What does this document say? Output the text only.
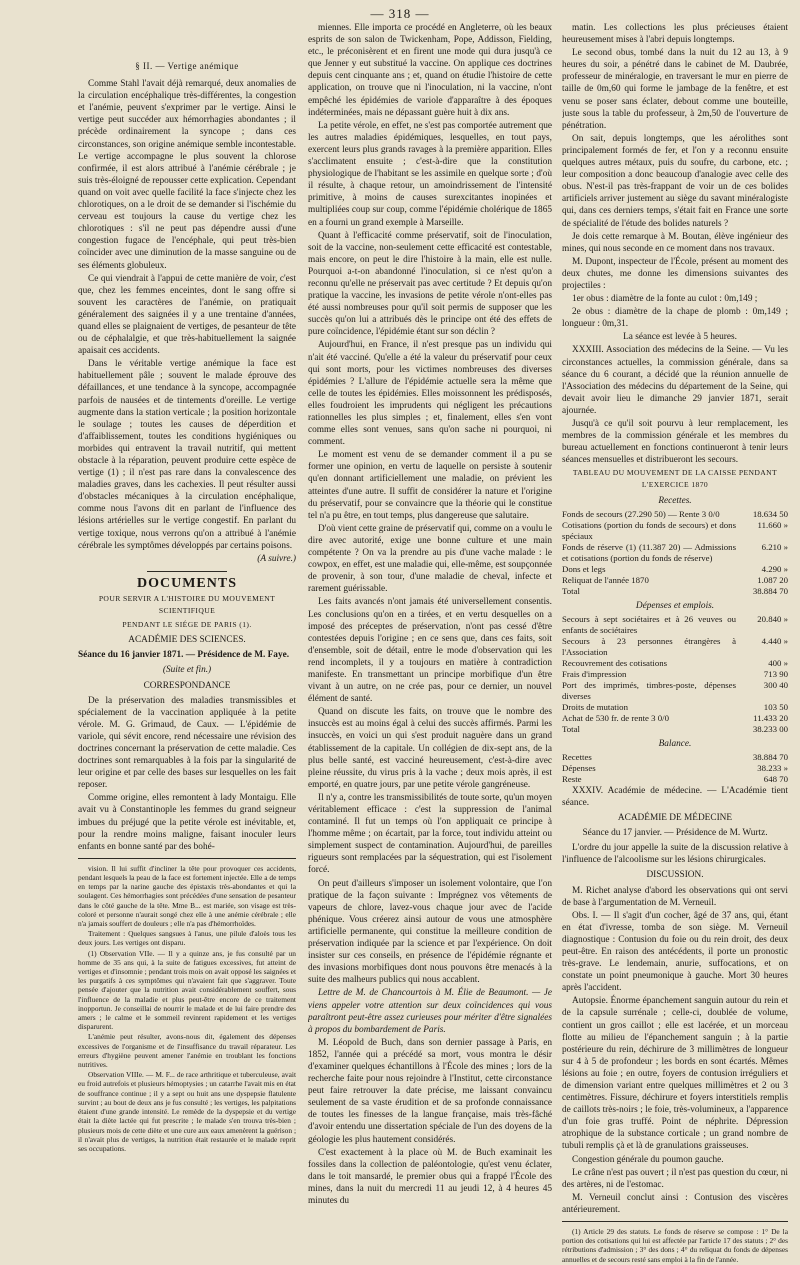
— 318 —
§ II. — Vertige anémique

Comme Stahl l'avait déjà remarqué, deux anomalies de la circulation encéphalique très-différentes, la congestion et l'anémie, peuvent s'exprimer par le vertige. Ainsi le vertige peut succéder aux hémorrhagies abondantes ; il précède ordinairement la syncope ; dans ces circonstances, son origine anémique semble incontestable. Le vertige accompagne le plus souvent la chlorose confirmée, il est alors attribué à l'anémie cérébrale ; je suis très-éloigné de repousser cette explication. Cependant quand on voit avec quelle facilité la face s'injecte chez les chlorotiques, on a le droit de se demander si l'ischémie du cerveau est toujours la cause du vertige chez les chlorotiques : s'il ne peut pas dépendre aussi d'une congestion fugace de l'encéphale, qui peut très-bien coïncider avec une diminution de la masse sanguine ou de ses éléments globuleux.

Ce qui viendrait à l'appui de cette manière de voir, c'est que, chez les femmes enceintes, dont le sang offre si souvent les caractères de l'anémie, on pratiquait généralement des saignées il y a une trentaine d'années, quand elles se plaignaient de vertiges, de pesanteur de tête ou de céphalalgie, et que très-habituellement la saignée apaisait ces accidents.

Dans le véritable vertige anémique la face est habituellement pâle ; souvent le malade éprouve des défaillances, et une tendance à la syncope, accompagnée parfois de nausées et de tintements d'oreille. Le vertige augmente dans la station verticale ; la position horizontale le soulage ; toutes les causes de déperdition et d'affaiblissement, toutes les conditions hygiéniques ou morbides qui entravent la travail nutritif, qui mettent obstacle à la réparation, peuvent produire cette espèce de vertige (1) ; il n'est pas rare dans la convalescence des maladies graves, dans les cachexies. Il peut résulter aussi d'obstacles mécaniques à la circulation encéphalique, comme nous l'avons dit en parlant de l'influence des lésions artérielles sur le vertige congestif. En parlant du vertige toxique, nous verrons qu'on a attribué à l'anémie cérébrale les symptômes développés par certains poisons.

(A suivre.)
DOCUMENTS
POUR SERVIR A L'HISTOIRE DU MOUVEMENT SCIENTIFIQUE
PENDANT LE SIÉGE DE PARIS (1).
ACADÉMIE DES SCIENCES.
Séance du 16 janvier 1871. — Présidence de M. Faye.
(Suite et fin.)
CORRESPONDANCE

De la préservation des maladies transmissibles et spécialement de la vaccination appliquée à la petite vérole. M. G. Grimaud, de Caux. — L'épidémie de variole, qui sévit encore, rend nécessaire une révision des doctrines concernant la préservation de cette maladie. Ces doctrines sont remarquables à la fois par la singularité de leur origine et par celle des bases sur lesquelles on les fait reposer.

Comme origine, elles remontent à lady Montaigu. Elle avait vu à Constantinople les femmes du grand seigneur imbues du préjugé que la petite vérole est inévitable, et, pour la rendre moins maligne, faisant inoculer leurs enfants en bonne santé par des bohé-

vision. Il lui suffit d'incliner la tête pour provoquer ces accidents, pendant lesquels la peau de la face est fortement injectée. Elle a de temps en temps par la narine gauche des épistaxis très-abondantes et qui la soulagent. Ces hémorrhagies sont précédées d'une sensation de pesanteur dans le côté gauche de la tête. Mme B... est mariée, son visage est très-coloré et personne n'aurait songé chez elle à une anémie cérébrale ; elle n'a jamais souffert de douleurs ; elle n'a pas d'hémorrhoïdes.

Traitement : Quelques sangsues à l'anus, une pilule d'aloès tous les deux jours. Les vertiges ont disparu.

(1) Observation VIIe. — Il y a quinze ans, je fus consulté par un homme de 35 ans qui, à la suite de fatigues excessives, fut atteint de vertiges et d'insomnie ; pendant trois mois on avait opposé les saignées et les purgatifs à ces symptômes qui n'avaient fait que s'aggraver. Toute pensée d'ajouter que la nutrition avait considérablement souffert, sous l'influence de la maladie et plus peut-être encore de ce traitement inopportun. Je conseillai de nourrir le malade et de lui faire prendre des amers ; le calme et le sommeil revinrent rapidement et les vertiges disparurent.

L'anémie peut résulter, avons-nous dit, également des dépenses excessives de l'organisme et de l'insuffisance du travail réparateur. Les erreurs d'hygiène peuvent amener l'anémie en troublant les fonctions nutritives.

Observation VIIIe. — M. F... de race arthritique et tuberculeuse, avait eu froid autrefois et plusieurs hémoptysies ; un catarrhe l'avait mis en état de souffrance continue ; il y a sept ou huit ans une dyspepsie flatulente survint ; au bout de deux ans je fus consulté ; les vertiges, les palpitations étaient d'une grande intensité. Le remède de la dyspepsie et du vertige était la diète lactée qui fut prescrite ; le malade s'en trouva très-bien ; plusieurs mois de cette diète et une cure aux eaux amenèrent la guérison ; il n'avait plus de vertiges, la nutrition était restaurée et le malade reprit ses occupations.

miennes. Elle importa ce procédé en Angleterre, où les beaux esprits de son salon de Twickenham, Pope, Addisson, Fielding, etc., le préconisèrent et en firent une mode qui dura jusqu'à ce que Jenner y eut substitué la vaccine. On applique ces doctrines depuis cent cinquante ans ; et, quand on étudie l'histoire de cette application, on trouve que ni l'inoculation, ni la vaccine, n'ont empêché les épidémies de variole d'apparaître à des époques indéterminées, mais ne dépassant guère huit à dix ans.

La petite vérole, en effet, ne s'est pas comportée autrement que les autres maladies épidémiques, lesquelles, en tout pays, exercent leurs plus grands ravages à la première apparition. Elles s'acclimatent ensuite ; c'est-à-dire que la constitution physiologique de l'habitant se les assimile en quelque sorte ; d'où il résulte, à chaque retour, un amoindrissement de l'intensité primitive, à moins de causes surexcitantes inopinées et multipliées coup sur coup, comme l'épidémie cholérique de 1865 en a fourni un grand exemple à Marseille.

Quant à l'efficacité comme préservatif, soit de l'inoculation, soit de la vaccine, non-seulement cette efficacité est contestable, mais encore, on peut le dire l'histoire à la main, elle est nulle. Pourquoi a-t-on abandonné l'inoculation, si ce n'est qu'on a reconnu qu'elle ne préservait pas avec certitude ? Et depuis qu'on pratique la vaccine, les invasions de petite vérole n'ont-elles pas été aussi nombreuses pour qu'il soit permis de supposer que les succès qu'on lui a attribués dès le principe ont été des effets de pure coïncidence, l'épidémie étant sur son déclin ?

Aujourd'hui, en France, il n'est presque pas un individu qui n'ait été vacciné. Qu'elle a été la valeur du préservatif pour ceux qui sont morts, pour les victimes nombreuses des diverses épidémies ? L'allure de l'épidémie actuelle sera la même que celle de toutes les épidémies. Elles moissonnent les prédisposés, elles foudroient les imprudents qui négligent les précautions rationnelles les plus simples ; et, finalement, elles s'en vont comme elles sont venues, sans qu'on sache ni pourquoi, ni comment.

Le moment est venu de se demander comment il a pu se former une opinion, en vertu de laquelle on persiste à soutenir qu'en donnant artificiellement une maladie, on prévient les atteintes d'une autre. Il suffit de considérer la nature et l'origine du préservatif, pour se convaincre que la théorie qui le constitue tel n'a pu être, en tout temps, plus dangereuse que salutaire.

D'où vient cette graine de préservatif qui, comme on a voulu le dire avec autorité, exige une bonne culture et une main compétente ? On va la prendre au pis d'une vache malade : le cowpox, en effet, est une maladie qui, elle-même, est soupçonnée de provenir, à son tour, d'une maladie de cheval, infecte et rarement guérissable.

Les faits avancés n'ont jamais été universellement consentis. Les conclusions qu'on en a tirées, et en vertu desquelles on a imposé des préceptes de préservation, n'ont pas cessé d'être contestées depuis l'origine ; en ce sens que, dans ces faits, soit d'ensemble, soit de détail, entre le mode d'observation qui les rend incomplets, il y a toujours en matière à contradiction manifeste. En transmettant un principe morbifique d'un être vivant à un autre, on ne crée pas, pour ce dernier, un nouvel élément de santé.

Quand on discute les faits, on trouve que le nombre des insuccès est au moins égal à celui des succès affirmés. Parmi les insuccès, en voici un qui s'est produit naguère dans un grand établissement de la capitale. Un collégien de dix-sept ans, de la plus belle santé, est vacciné heureusement, c'est-à-dire avec pleine réussite, du virus pris à la vache ; deux mois après, il est emporté, en quatre jours, par une petite vérole gangréneuse.

Il n'y a, contre les transmissibilités de toute sorte, qu'un moyen véritablement efficace : c'est la suppression de l'animal contaminé. Il fut un temps où l'on appliquait ce principe à l'homme même ; on écartait, par la force, tout individu atteint ou simplement suspect de contamination. Aujourd'hui, de pareilles rigueurs sont remplacées par la séquestration, qui est l'isolement forcé.

On peut d'ailleurs s'imposer un isolement volontaire, que l'on pratique de la façon suivante : Imprégnez vos vêtements de vapeurs de chlore, lavez-vous chaque jour avec de l'acide phénique. Vous créerez ainsi autour de vous une atmosphère artificielle permanente, qui constitue la meilleure condition de préservation indiquée par la science et par l'expérience. On doit insister sur ces conseils, en présence de l'épidémie régnante et des invasions morbifiques dont nous pouvons être menacés à la suite des malheurs publics qui nous accablent.

Lettre de M. de Chancourtois à M. Élie de Beaumont. — Je viens appeler votre attention sur deux coïncidences qui vous paraîtront peut-être assez curieuses pour mériter d'être signalées à propos du bombardement de Paris.

M. Léopold de Buch, dans son dernier passage à Paris, en 1852, l'année qui a précédé sa mort, vous montra le désir d'examiner quelques échantillons à l'École des mines ; lors de la recherche faite pour nous rejoindre à l'Institut, cette circonstance peut faire retrouver la date précise, me laissant convaincu seulement de sa vaste érudition et de sa profonde connaissance de toutes les finesses de la langue française, mais très-fâché d'avoir entendu une dissertation spéciale de l'un des doyens de la géologie les plus hautement considérés.

C'est exactement à la place où M. de Buch examinait les fossiles dans la collection de paléontologie, qu'est venu éclater, dans le toit mansardé, le premier obus qui a frappé l'École des mines, dans la nuit du mercredi 11 au jeudi 12, à 4 heures 45 minutes du

matin. Les collections les plus précieuses étaient heureusement mises à l'abri depuis longtemps.

Le second obus, tombé dans la nuit du 12 au 13, à 9 heures du soir, a pénétré dans le cabinet de M. Daubrée, professeur de minéralogie, en traversant le mur en pierre de taille de 0m,60 qui forme le jambage de la fenêtre, et est venu se poser sans éclater, debout comme une bouteille, juste sous la table du professeur, à 2m,50 de l'ouverture de pénétration.

On sait, depuis longtemps, que les aérolithes sont principalement formés de fer, et l'on y a reconnu ensuite quelques autres métaux, puis du soufre, du carbone, etc. ; leur composition a donc beaucoup d'analogie avec celle des obus. N'est-il pas très-frappant de voir un de ces bolides artificiels arriver justement au siège du savant minéralogiste qui, dans ces derniers temps, s'était fait en France une sorte de spécialité de l'étude des bolides naturels ?

Je dois cette remarque à M. Boutan, élève ingénieur des mines, qui nous seconde en ce moment dans nos travaux.

M. Dupont, inspecteur de l'École, présent au moment des deux chutes, me donne les dimensions suivantes des projectiles :

1er obus : diamètre de la fonte au culot : 0m,149 ;

2e obus : diamètre de la chape de plomb : 0m,149 ; longueur : 0m,31.

La séance est levée à 5 heures.

XXXIII. Association des médecins de la Seine. — Vu les circonstances actuelles, la commission générale, dans sa séance du 6 courant, a décidé que la réunion annuelle de l'Association des médecins du département de la Seine, qui devait avoir lieu le dimanche 29 janvier 1871, serait ajournée.

Jusqu'à ce qu'il soit pourvu à leur remplacement, les membres de la commission générale et les membres du bureau actuellement en fonctions continueront à tenir leurs séances mensuelles et distribueront les secours.

TABLEAU DU MOUVEMENT DE LA CAISSE PENDANT L'EXERCICE 1870
Recettes.
Fonds de secours (27.290 50) — Rente 3 0/0	18.634 50
Cotisations (portion du fonds de secours) et dons spéciaux	11.660 »
Fonds de réserve (1) (11.387 20) — Admissions et cotisations (portion du fonds de réserve)	6.210 »
Dons et legs	4.290 »
Reliquat de l'année 1870	1.087 20
Total	38.884 70
Dépenses et emplois.
Secours à sept sociétaires et à 26 veuves ou enfants de sociétaires	20.840 »
Secours à 23 personnes étrangères à l'Association	4.440 »
Recouvrement des cotisations	400 »
Frais d'impression	713 90
Port des imprimés, timbres-poste, dépenses diverses	300 40
Droits de mutation	103 50
Achat de 530 fr. de rente 3 0/0	11.433 20
Total	38.233 00
Balance.
Recettes	38.884 70
Dépenses	38.233 »
Reste	648 70

XXXIV. Académie de médecine. — L'Académie tient séance.

ACADÉMIE DE MÉDECINE
Séance du 17 janvier. — Présidence de M. Wurtz.

L'ordre du jour appelle la suite de la discussion relative à l'influence de l'alcoolisme sur les lésions chirurgicales.

DISCUSSION.

M. Richet analyse d'abord les observations qui ont servi de base à l'argumentation de M. Verneuil.

Obs. I. — Il s'agit d'un cocher, âgé de 37 ans, qui, étant en état d'ivresse, tomba de son siège. M. Verneuil diagnostique : Contusion du foie ou du rein droit, des deux peut-être. En raison des antécédents, il porte un pronostic très-grave. Le lendemain, anurie, suffocations, et on constate un point pneumonique à gauche. Mort 30 heures après l'accident.

Autopsie. Énorme épanchement sanguin autour du rein et de la capsule surrénale ; celle-ci, doublée de volume, contient un gros caillot ; elle est lacérée, et un morceau flotte au milieu de l'épanchement sanguin ; à la partie postérieure du rein, déchirure de 3 millimètres de longueur sur 4 à 5 de profondeur ; les bords en sont écartés. Mêmes lésions au foie ; en outre, foyers de contusion irréguliers et de dimension variant entre quelques millimètres et 2 ou 3 centimètres. Fissure, déchirure et foyers interstitiels remplis de caillots très-noirs ; le foie, très-volumineux, a l'apparence d'un foie gras truffé. Point de néphrite. Dépression atrophique de la substance corticale ; un grand nombre de tubuli remplis çà et là de granulations graisseuses.

Congestion générale du poumon gauche.

Le crâne n'est pas ouvert ; il n'est pas question du cœur, ni des artères, ni de l'estomac.

M. Verneuil conclut ainsi : Contusion des viscères antérieurement.

(1) Article 29 des statuts. Le fonds de réserve se compose : 1° De la portion des cotisations qui lui est affectée par l'article 17 des statuts ; 2° des rétributions d'admission ; 3° des dons ; 4° du reliquat du fonds de dépenses annuelles et de secours resté sans emploi à la fin de l'année.
